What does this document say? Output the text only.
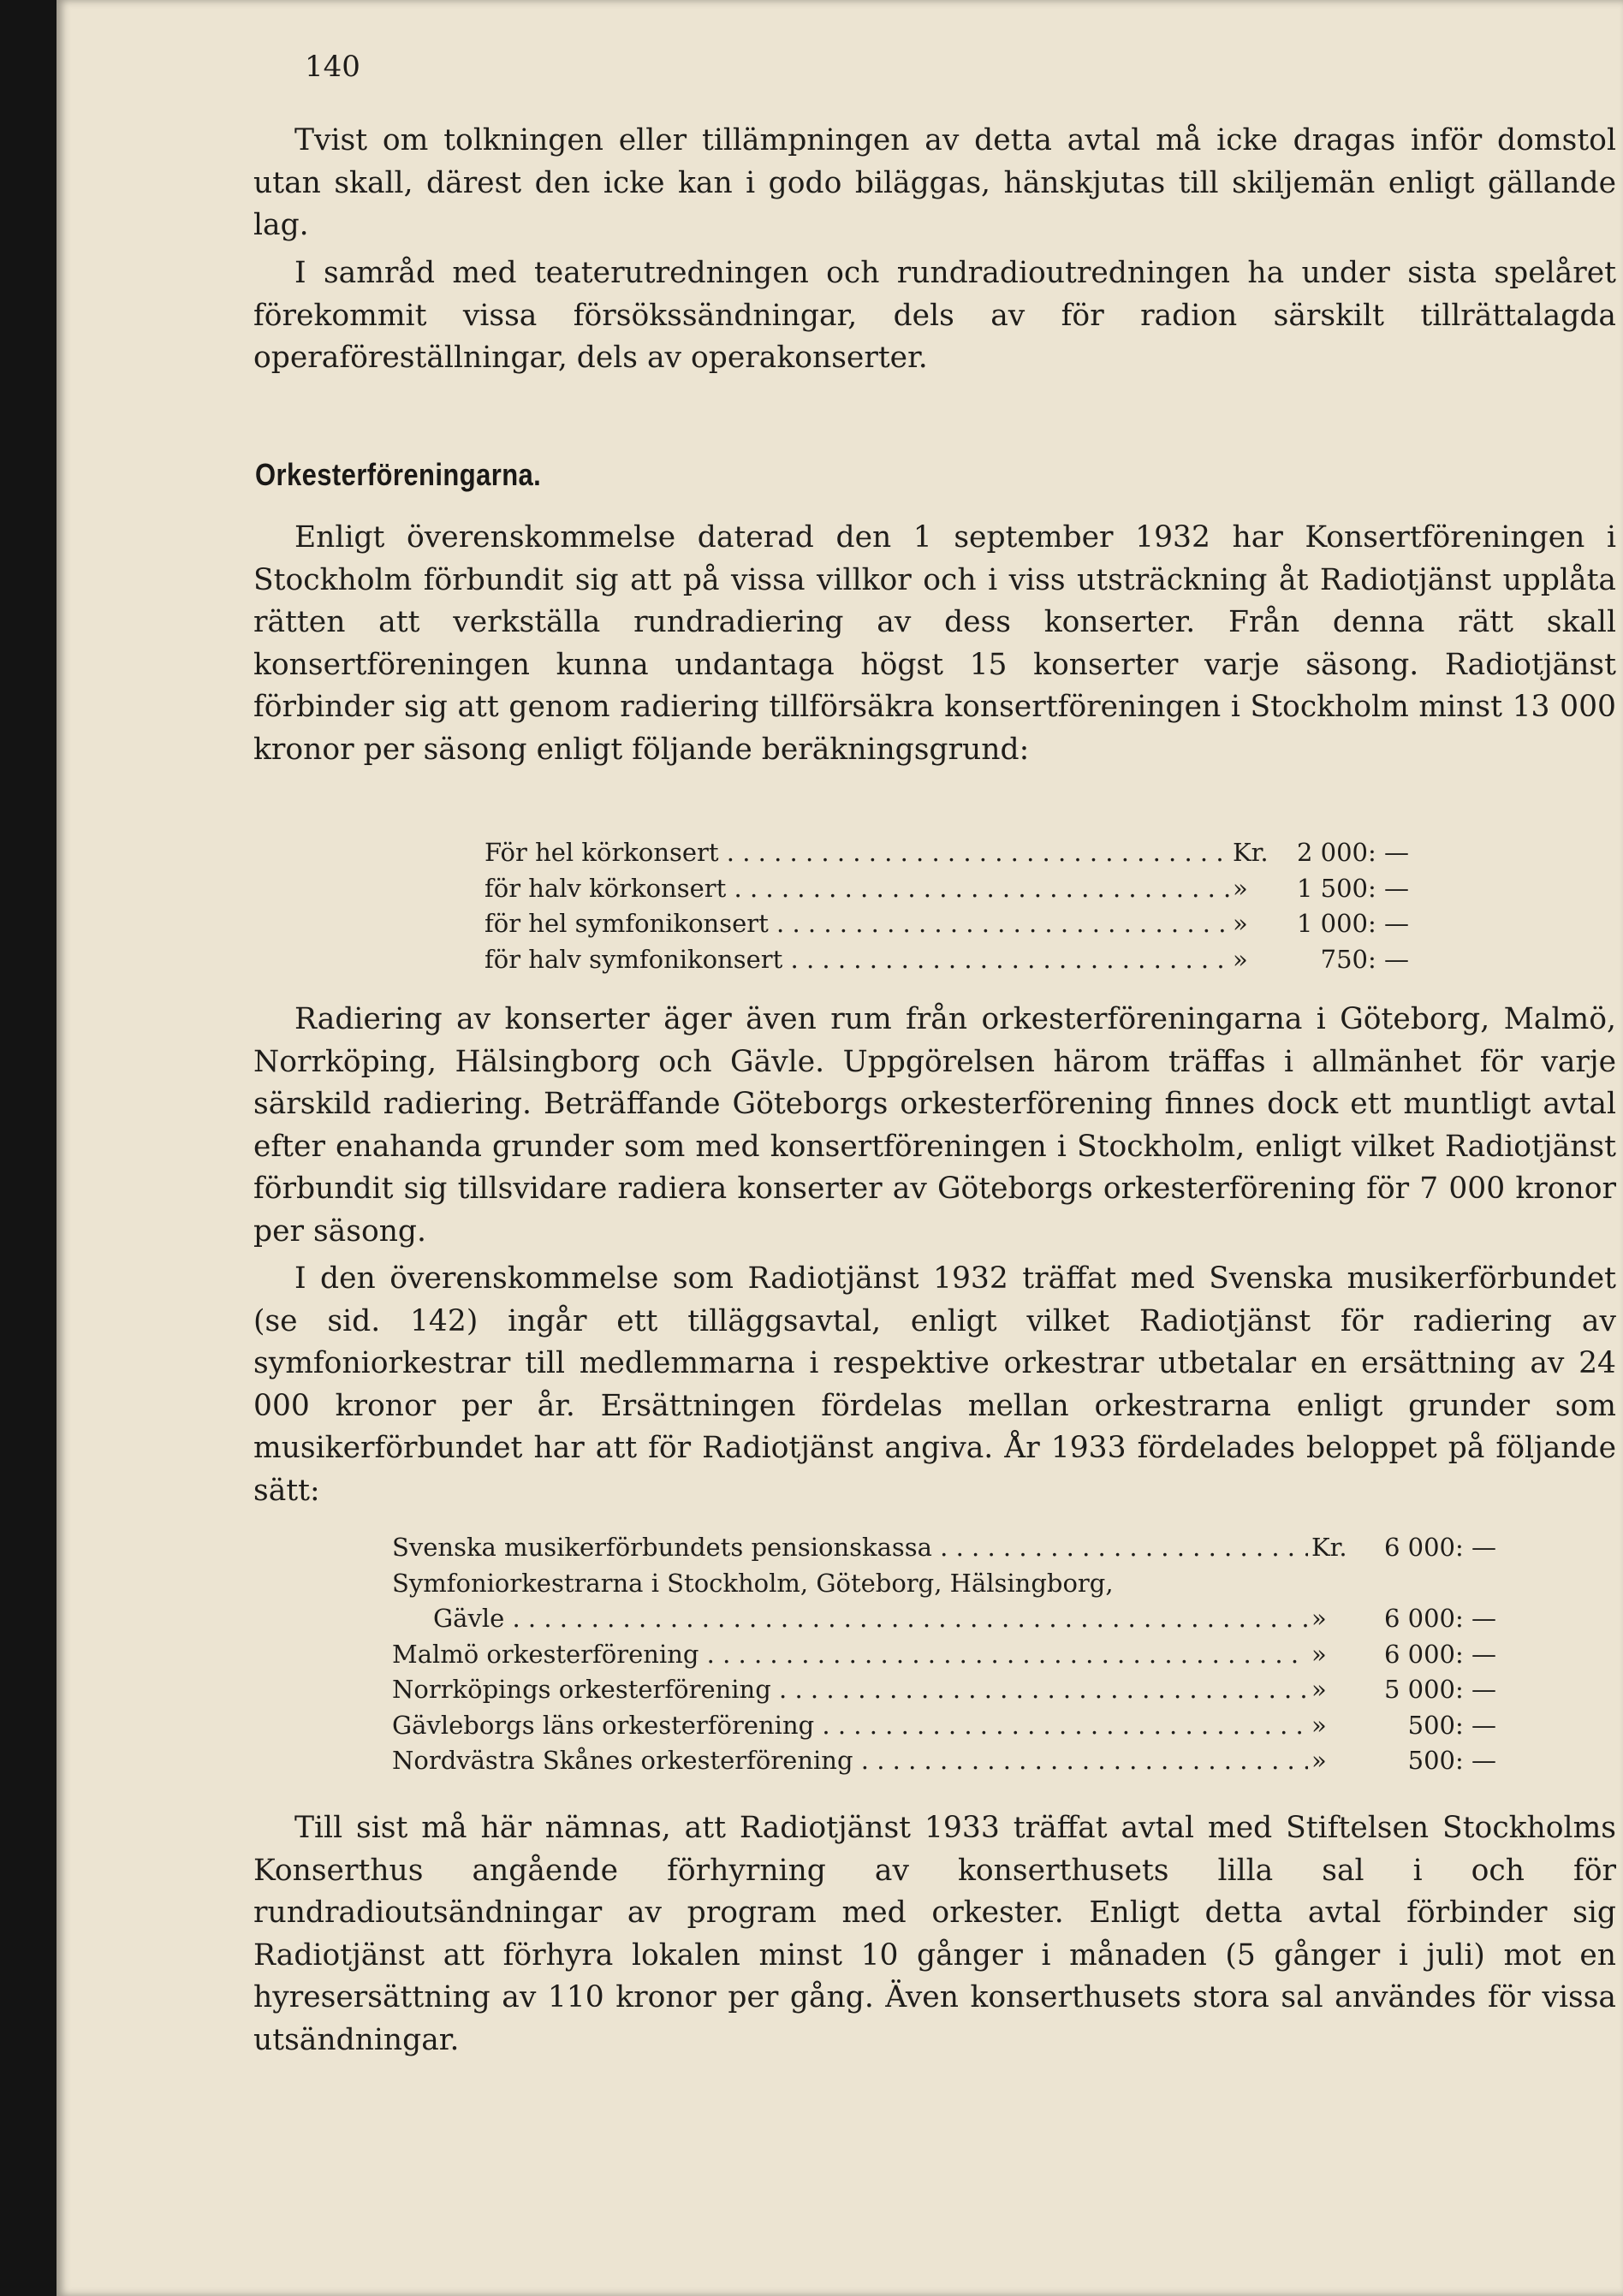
140

Tvist om tolkningen eller tillämpningen av detta avtal må icke dragas inför domstol utan skall, därest den icke kan i godo biläggas, hänskjutas till skiljemän enligt gällande lag.

I samråd med teaterutredningen och rundradioutredningen ha under sista spelåret förekommit vissa försökssändningar, dels av för radion särskilt tillrättalagda operaföreställningar, dels av operakonserter.

Orkesterföreningarna.

Enligt överenskommelse daterad den 1 september 1932 har Konsertföreningen i Stockholm förbundit sig att på vissa villkor och i viss utsträckning åt Radiotjänst upplåta rätten att verkställa rundradiering av dess konserter. Från denna rätt skall konsertföreningen kunna undantaga högst 15 konserter varje säsong. Radiotjänst förbinder sig att genom radiering tillförsäkra konsertföreningen i Stockholm minst 13 000 kronor per säsong enligt följande beräkningsgrund:

För hel körkonsert . . .	Kr.	2 000: —
för halv körkonsert . . .	»	1 500: —
för hel symfonikonsert . . .	»	1 000: —
för halv symfonikonsert . . .	»	750: —

Radiering av konserter äger även rum från orkesterföreningarna i Göteborg, Malmö, Norrköping, Hälsingborg och Gävle. Uppgörelsen härom träffas i allmänhet för varje särskild radiering. Beträffande Göteborgs orkesterförening finnes dock ett muntligt avtal efter enahanda grunder som med konsertföreningen i Stockholm, enligt vilket Radiotjänst förbundit sig tillsvidare radiera konserter av Göteborgs orkesterförening för 7 000 kronor per säsong.

I den överenskommelse som Radiotjänst 1932 träffat med Svenska musikerförbundet (se sid. 142) ingår ett tilläggsavtal, enligt vilket Radiotjänst för radiering av symfoniorkestrar till medlemmarna i respektive orkestrar utbetalar en ersättning av 24 000 kronor per år. Ersättningen fördelas mellan orkestrarna enligt grunder som musikerförbundet har att för Radiotjänst angiva. År 1933 fördelades beloppet på följande sätt:

Svenska musikerförbundets pensionskassa . . .	Kr.	6 000: —
Symfoniorkestrarna i Stockholm, Göteborg, Hälsingborg,
Gävle . . .	»	6 000: —
Malmö orkesterförening . . .	»	6 000: —
Norrköpings orkesterförening . . .	»	5 000: —
Gävleborgs läns orkesterförening . . .	»	500: —
Nordvästra Skånes orkesterförening . . .	»	500: —

Till sist må här nämnas, att Radiotjänst 1933 träffat avtal med Stiftelsen Stockholms Konserthus angående förhyrning av konserthusets lilla sal i och för rundradioutsändningar av program med orkester. Enligt detta avtal förbinder sig Radiotjänst att förhyra lokalen minst 10 gånger i månaden (5 gånger i juli) mot en hyresersättning av 110 kronor per gång. Även konserthusets stora sal användes för vissa utsändningar.
